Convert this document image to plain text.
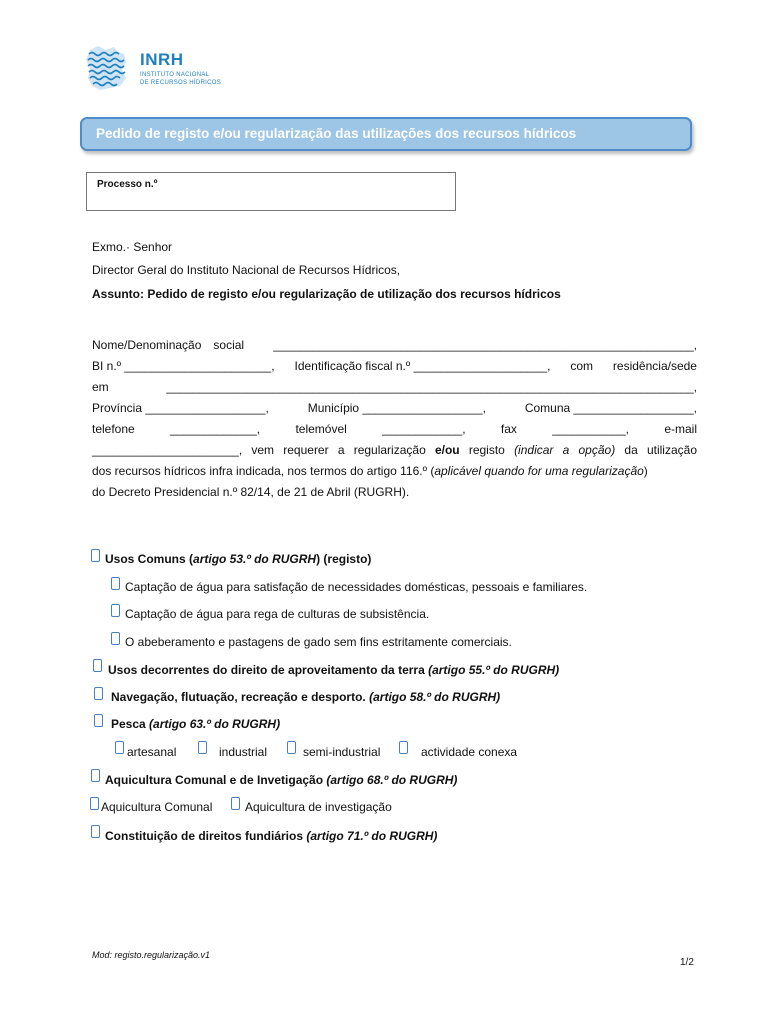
INRH
INSTITUTO NACIONAL
DE RECURSOS HÍDRICOS
Pedido de registo e/ou regularização das utilizações dos recursos hídricos
Processo n.º
Exmo.· Senhor
Director Geral do Instituto Nacional de Recursos Hídricos,
Assunto: Pedido de registo e/ou regularização de utilização dos recursos hídricos
Nome/Denominação social _______________________________________________________________,
BI n.º ______________________, Identificação fiscal n.º ____________________, com residência/sede
em	_______________________________________________________________________________,
Província __________________,	Município __________________,	Comuna __________________,
telefone	_____________,	telemóvel	____________,	fax	___________,	e-mail
______________________, vem requerer a regularização e/ou registo (indicar a opção) da utilização
dos recursos hídricos infra indicada, nos termos do artigo 116.º (aplicável quando for uma regularização)
do Decreto Presidencial n.º 82/14, de 21 de Abril (RUGRH).
Usos Comuns (artigo 53.º do RUGRH) (registo)
Captação de água para satisfação de necessidades domésticas, pessoais e familiares.
Captação de água para rega de culturas de subsistência.
O abeberamento e pastagens de gado sem fins estritamente comerciais.
Usos decorrentes do direito de aproveitamento da terra (artigo 55.º do RUGRH)
Navegação, flutuação, recreação e desporto. (artigo 58.º do RUGRH)
Pesca (artigo 63.º do RUGRH)
artesanal	industrial	semi-industrial	actividade conexa
Aquicultura Comunal e de Invetigação (artigo 68.º do RUGRH)
Aquicultura Comunal	Aquicultura de investigação
Constituição de direitos fundiários (artigo 71.º do RUGRH)
Mod: registo.regularização.v1
1/2
